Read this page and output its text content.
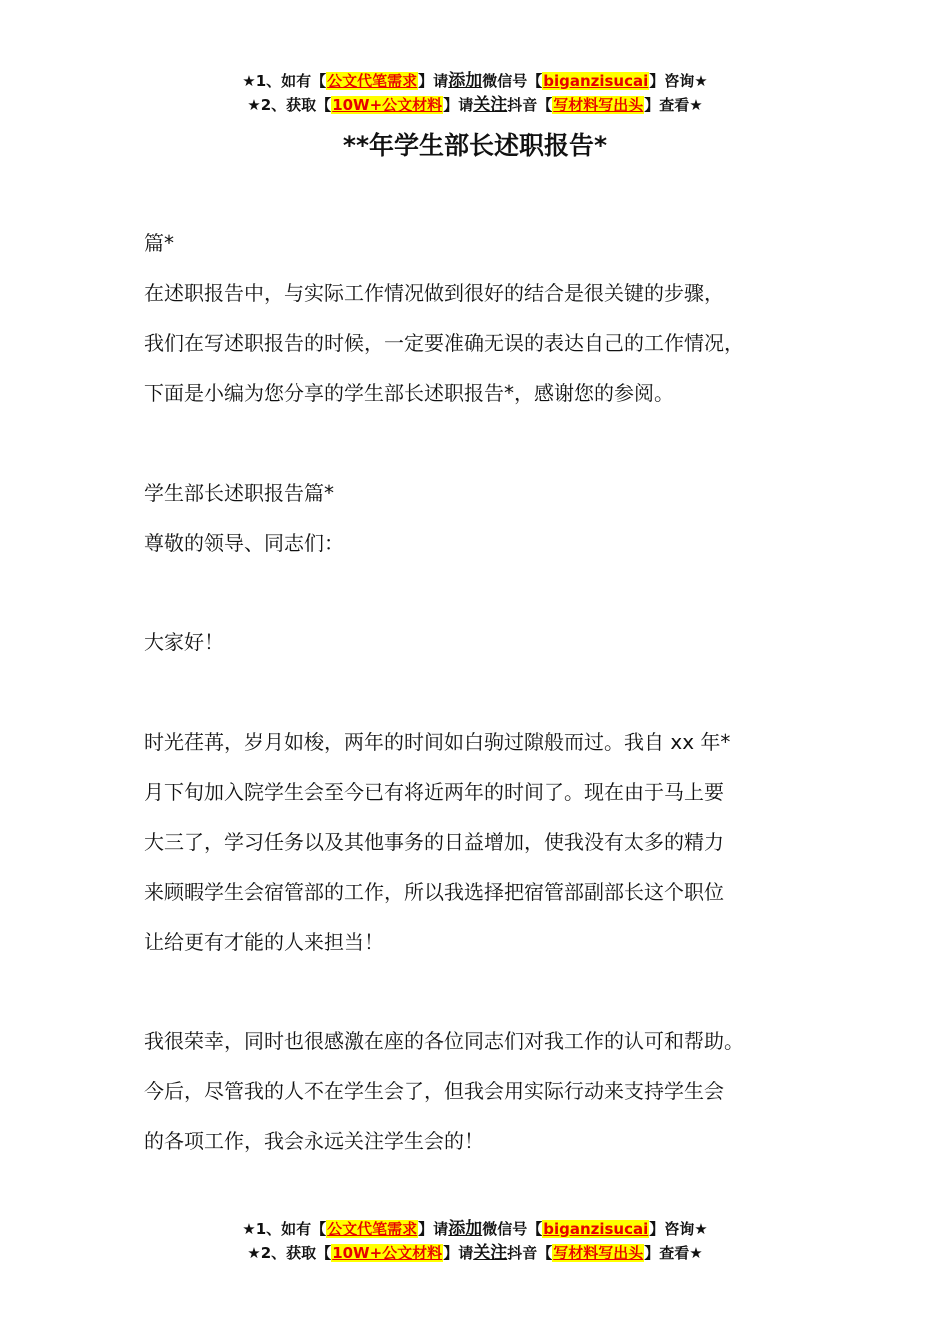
★1、如有【公文代笔需求】请添加微信号【biganzisucai】咨询★
★2、获取【10W+公文材料】请关注抖音【写材料写出头】查看★
**年学生部长述职报告*
篇*
在述职报告中，与实际工作情况做到很好的结合是很关键的步骤，
我们在写述职报告的时候，一定要准确无误的表达自己的工作情况，
下面是小编为您分享的学生部长述职报告*，感谢您的参阅。
学生部长述职报告篇*
尊敬的领导、同志们：
大家好！
时光荏苒，岁月如梭，两年的时间如白驹过隙般而过。我自 xx 年*
月下旬加入院学生会至今已有将近两年的时间了。现在由于马上要
大三了，学习任务以及其他事务的日益增加，使我没有太多的精力
来顾暇学生会宿管部的工作，所以我选择把宿管部副部长这个职位
让给更有才能的人来担当！
我很荣幸，同时也很感激在座的各位同志们对我工作的认可和帮助。
今后，尽管我的人不在学生会了，但我会用实际行动来支持学生会
的各项工作，我会永远关注学生会的！
★1、如有【公文代笔需求】请添加微信号【biganzisucai】咨询★
★2、获取【10W+公文材料】请关注抖音【写材料写出头】查看★
